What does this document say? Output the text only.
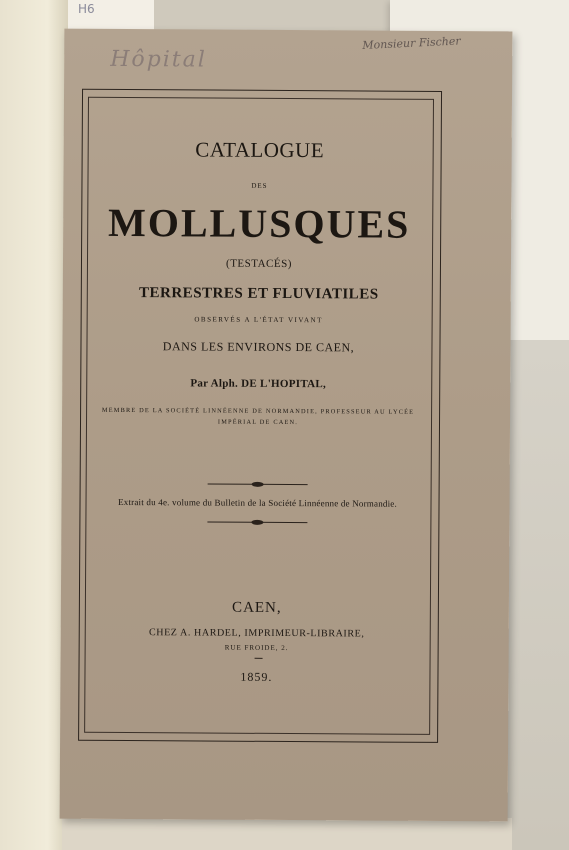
H6
Hôpital
Monsieur Fischer
CATALOGUE
DES
MOLLUSQUES
(TESTACÉS)
TERRESTRES ET FLUVIATILES
OBSERVÉS A L'ÉTAT VIVANT
DANS LES ENVIRONS DE CAEN,
Par Alph. DE L'HOPITAL,
MEMBRE DE LA SOCIÉTÉ LINNÉENNE DE NORMANDIE, PROFESSEUR AU LYCÉE IMPÉRIAL DE CAEN.
Extrait du 4e. volume du Bulletin de la Société Linnéenne de Normandie.
CAEN,
CHEZ A. HARDEL, IMPRIMEUR-LIBRAIRE,
RUE FROIDE, 2.
1859.
